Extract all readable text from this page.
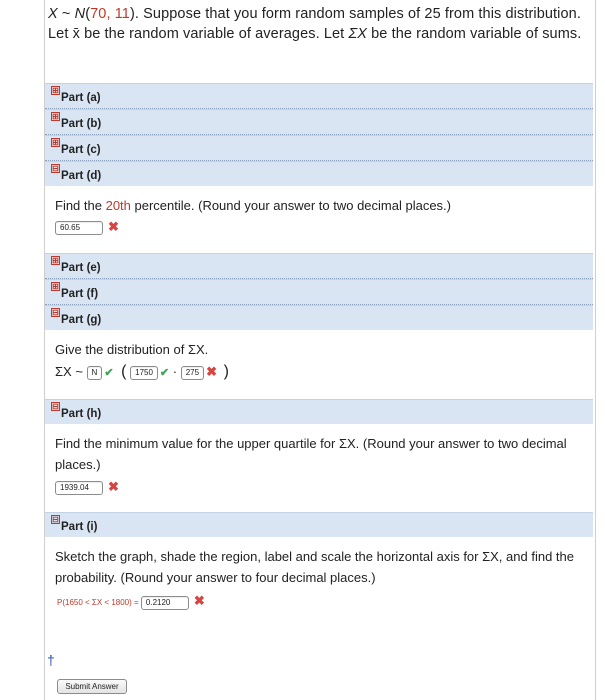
X ~ N(70, 11). Suppose that you form random samples of 25 from this distribution. Let x̄ be the random variable of averages. Let ΣX be the random variable of sums.
⊞
Part (a)
⊞
Part (b)
⊞
Part (c)
⊟
Part (d)
Find the 20th percentile. (Round your answer to two decimal places.)
60.65 ✖
⊞
Part (e)
⊞
Part (f)
⊟
Part (g)
Give the distribution of ΣX.
ΣX ~ N ✔ ( 1750 ✔ · 275 ✖ )
⊟
Part (h)
Find the minimum value for the upper quartile for ΣX. (Round your answer to two decimal places.)
1939.04 ✖
⊟
Part (i)
Sketch the graph, shade the region, label and scale the horizontal axis for ΣX, and find the probability. (Round your answer to four decimal places.)
P(1650 < ΣX < 1800) = 0.2120 ✖
†
Submit Answer
